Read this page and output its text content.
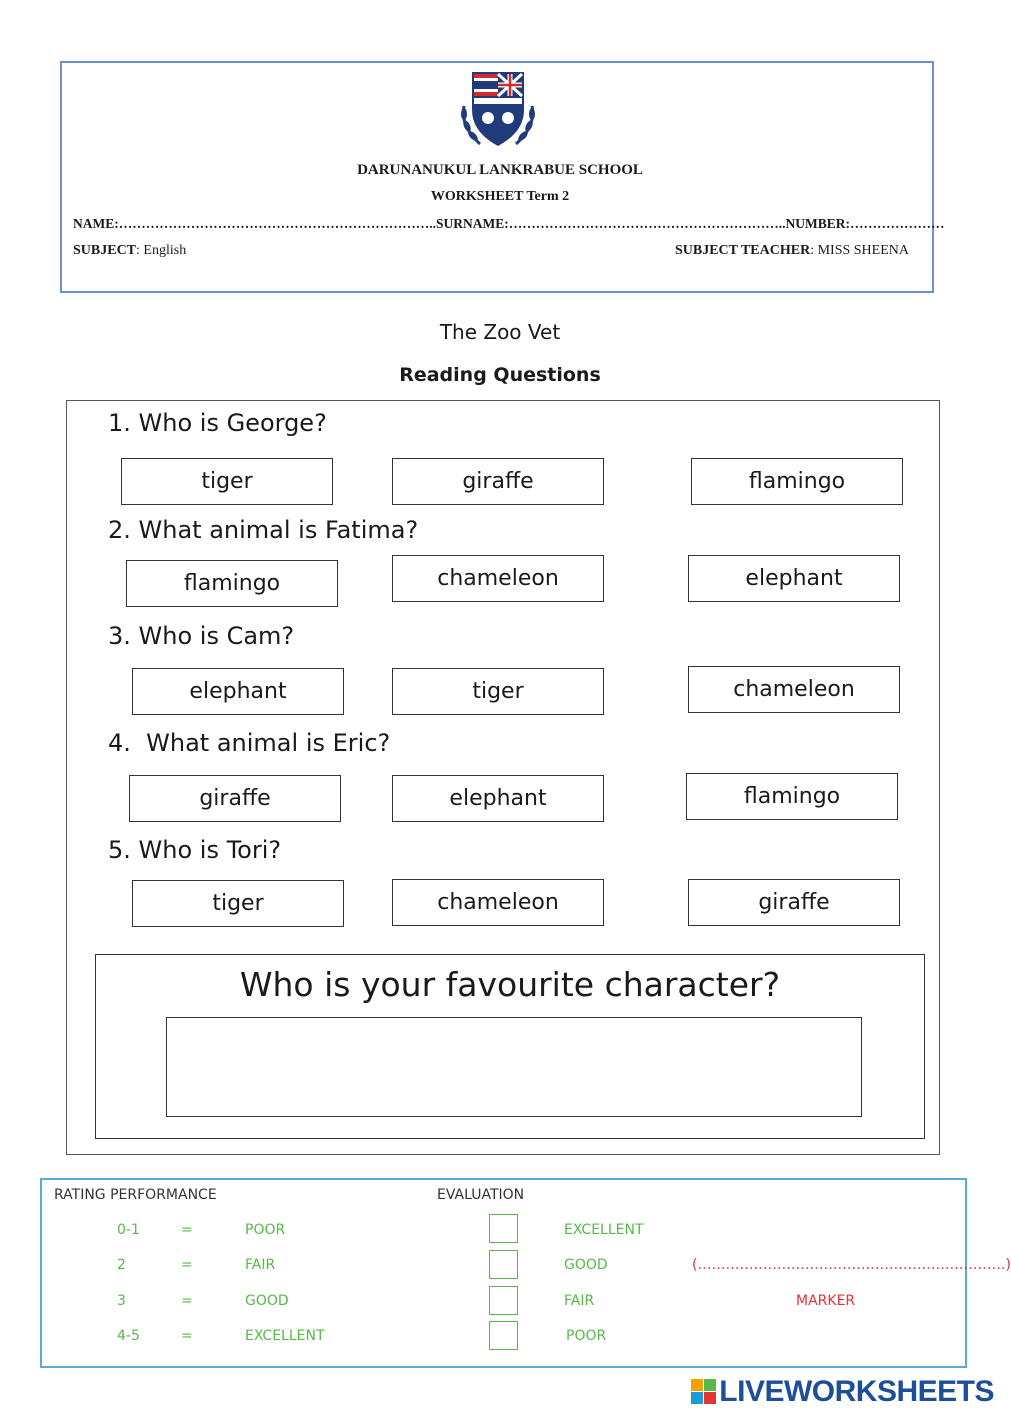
DARUNANUKUL LANKRABUE SCHOOL
WORKSHEET Term 2
NAME:……………………………………………………………..SURNAME:……………………………………………………..NUMBER:…………………
SUBJECT: English	SUBJECT TEACHER: MISS SHEENA
The Zoo Vet
Reading Questions
1. Who is George?
tiger	giraffe	flamingo
2. What animal is Fatima?
flamingo	chameleon	elephant
3. Who is Cam?
elephant	tiger	chameleon
4.  What animal is Eric?
giraffe	elephant	flamingo
5. Who is Tori?
tiger	chameleon	giraffe
Who is your favourite character?
RATING PERFORMANCE	EVALUATION
0-1	=	POOR	EXCELLENT
2	=	FAIR	GOOD	(…………………………………………………………)
3	=	GOOD	FAIR	MARKER
4-5	=	EXCELLENT	POOR
LIVEWORKSHEETS
